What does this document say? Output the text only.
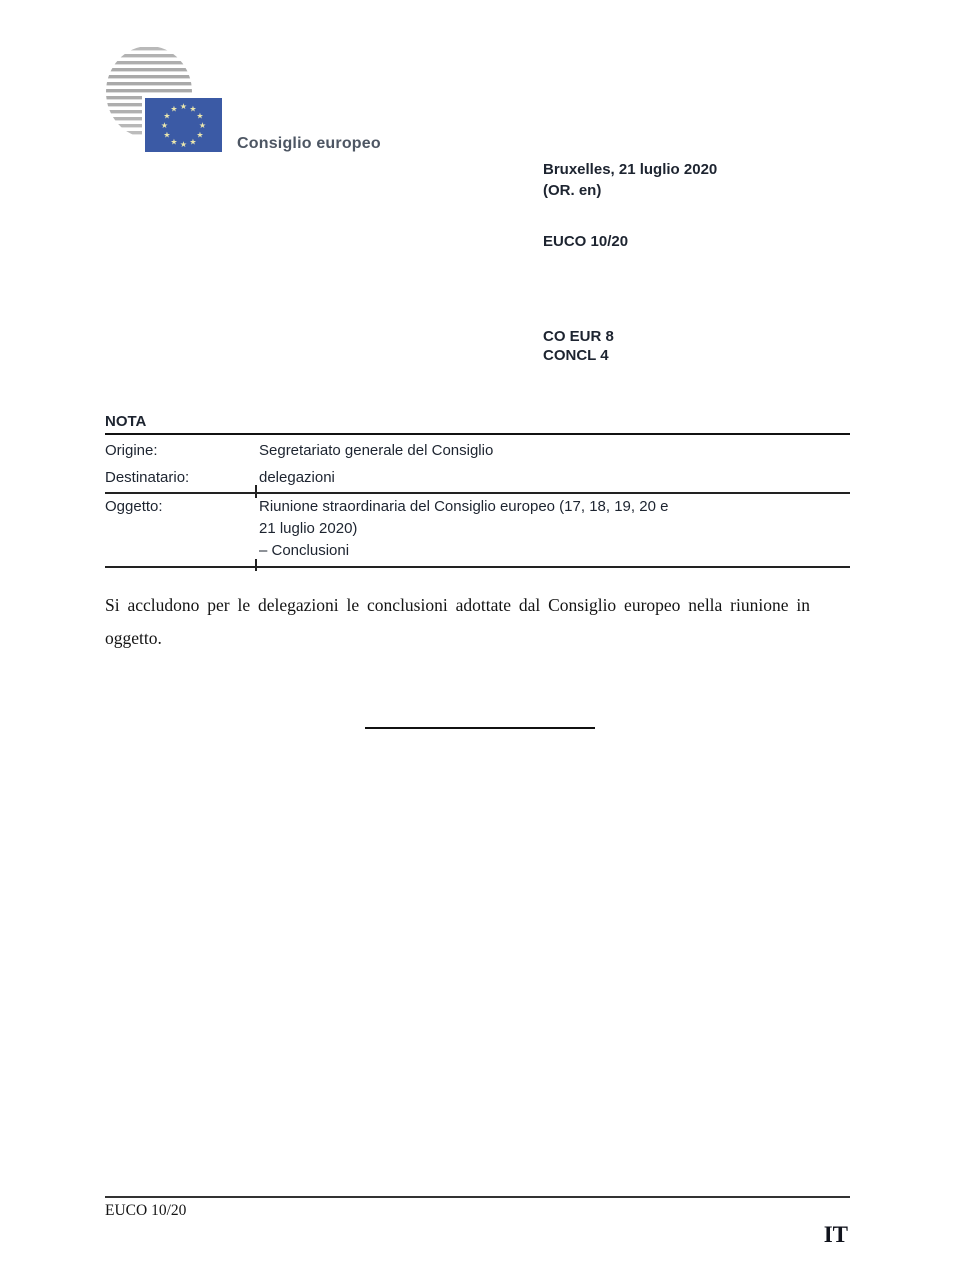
★ ★
★
★
★
★
★
★
★
★
★
★
Consiglio europeo
Bruxelles, 21 luglio 2020
(OR. en)
EUCO 10/20
CO EUR 8
CONCL 4
NOTA
Origine:	Segretariato generale del Consiglio
Destinatario:	delegazioni
Oggetto:	Riunione straordinaria del Consiglio europeo (17, 18, 19, 20 e
21 luglio 2020)
– Conclusioni
Si accludono per le delegazioni le conclusioni adottate dal Consiglio europeo nella riunione in oggetto.
EUCO 10/20
IT
